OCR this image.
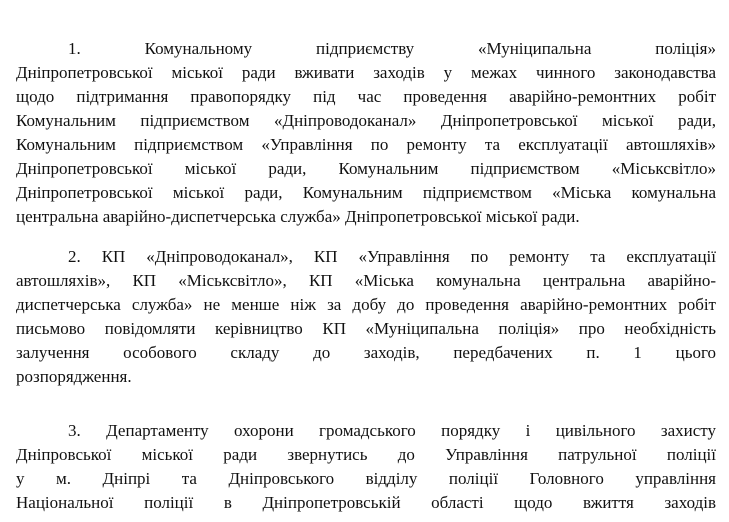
1. Комунальному підприємству «Муніципальна поліція»
Дніпропетровської міської ради вживати заходів у межах чинного законодавства
щодо підтримання правопорядку під час проведення аварійно-ремонтних робіт
Комунальним підприємством «Дніпроводоканал» Дніпропетровської міської ради,
Комунальним підприємством «Управління по ремонту та експлуатації автошляхів»
Дніпропетровської міської ради, Комунальним підприємством «Міськсвітло»
Дніпропетровської міської ради, Комунальним підприємством «Міська комунальна
центральна аварійно-диспетчерська служба» Дніпропетровської міської ради.
2. КП «Дніпроводоканал», КП «Управління по ремонту та експлуатації
автошляхів», КП «Міськсвітло», КП «Міська комунальна центральна аварійно-
диспетчерська служба» не менше ніж за добу до проведення аварійно-ремонтних робіт
письмово повідомляти керівництво КП «Муніципальна поліція» про необхідність
залучення особового складу до заходів, передбачених п. 1 цього
розпорядження.
3. Департаменту охорони громадського порядку і цивільного захисту
Дніпровської міської ради звернутись до Управління патрульної поліції
у м. Дніпрі та Дніпровського відділу поліції Головного управління
Національної поліції в Дніпропетровській області щодо вжиття заходів
